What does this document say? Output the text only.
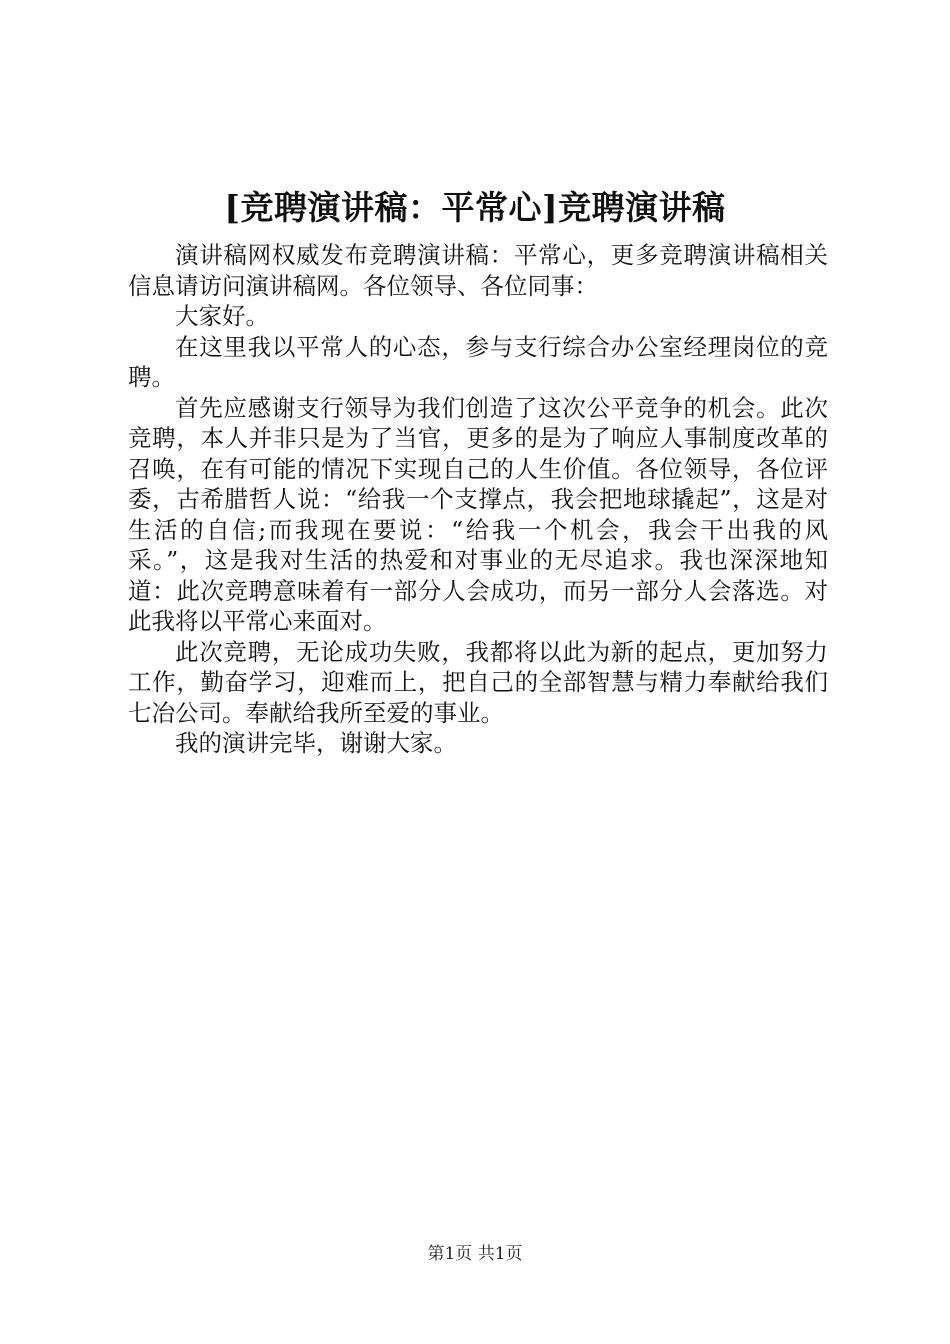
[竞聘演讲稿：平常心]竞聘演讲稿

演讲稿网权威发布竞聘演讲稿：平常心，更多竞聘演讲稿相关信息请访问演讲稿网。各位领导、各位同事：

大家好。

在这里我以平常人的心态，参与支行综合办公室经理岗位的竞聘。

首先应感谢支行领导为我们创造了这次公平竞争的机会。此次竞聘，本人并非只是为了当官，更多的是为了响应人事制度改革的召唤，在有可能的情况下实现自己的人生价值。各位领导，各位评委，古希腊哲人说：“给我一个支撑点，我会把地球撬起”，这是对生活的自信;而我现在要说：“给我一个机会，我会干出我的风采。”，这是我对生活的热爱和对事业的无尽追求。我也深深地知道：此次竞聘意味着有一部分人会成功，而另一部分人会落选。对此我将以平常心来面对。

此次竞聘，无论成功失败，我都将以此为新的起点，更加努力工作，勤奋学习，迎难而上，把自己的全部智慧与精力奉献给我们七冶公司。奉献给我所至爱的事业。

我的演讲完毕，谢谢大家。

第1页 共1页
